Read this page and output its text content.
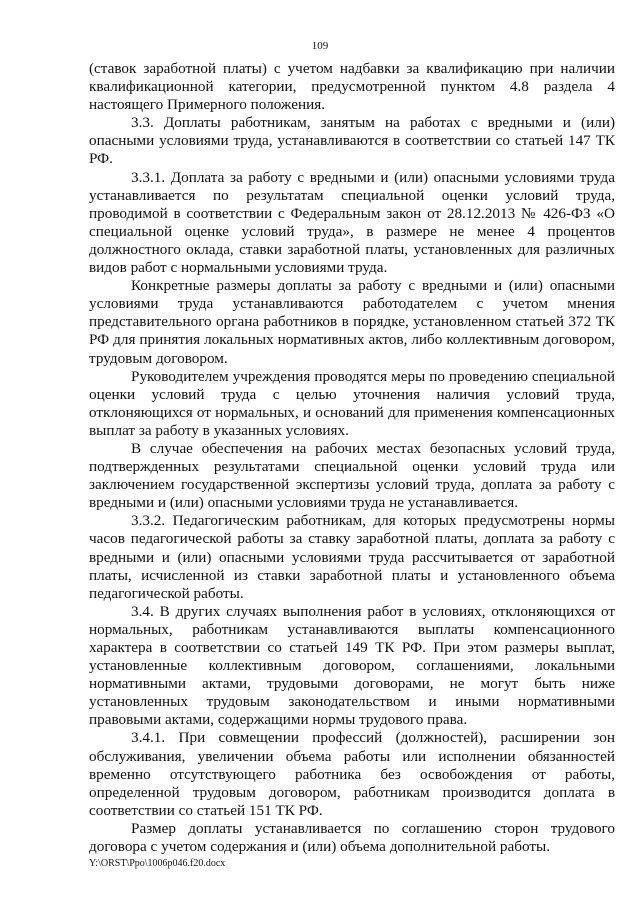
109

(ставок заработной платы) с учетом надбавки за квалификацию при наличии квалификационной категории, предусмотренной пунктом 4.8 раздела 4 настоящего Примерного положения.

3.3. Доплаты работникам, занятым на работах с вредными и (или) опасными условиями труда, устанавливаются в соответствии со статьей 147 ТК РФ.

3.3.1. Доплата за работу с вредными и (или) опасными условиями труда устанавливается по результатам специальной оценки условий труда, проводимой в соответствии с Федеральным закон от 28.12.2013 № 426-ФЗ «О специальной оценке условий труда», в размере не менее 4 процентов должностного оклада, ставки заработной платы, установленных для различных видов работ с нормальными условиями труда.

Конкретные размеры доплаты за работу с вредными и (или) опасными условиями труда устанавливаются работодателем с учетом мнения представительного органа работников в порядке, установленном статьей 372 ТК РФ для принятия локальных нормативных актов, либо коллективным договором, трудовым договором.

Руководителем учреждения проводятся меры по проведению специальной оценки условий труда с целью уточнения наличия условий труда, отклоняющихся от нормальных, и оснований для применения компенсационных выплат за работу в указанных условиях.

В случае обеспечения на рабочих местах безопасных условий труда, подтвержденных результатами специальной оценки условий труда или заключением государственной экспертизы условий труда, доплата за работу с вредными и (или) опасными условиями труда не устанавливается.

3.3.2. Педагогическим работникам, для которых предусмотрены нормы часов педагогической работы за ставку заработной платы, доплата за работу с вредными и (или) опасными условиями труда рассчитывается от заработной платы, исчисленной из ставки заработной платы и установленного объема педагогической работы.

3.4. В других случаях выполнения работ в условиях, отклоняющихся от нормальных, работникам устанавливаются выплаты компенсационного характера в соответствии со статьей 149 ТК РФ. При этом размеры выплат, установленные коллективным договором, соглашениями, локальными нормативными актами, трудовыми договорами, не могут быть ниже установленных трудовым законодательством и иными нормативными правовыми актами, содержащими нормы трудового права.

3.4.1. При совмещении профессий (должностей), расширении зон обслуживания, увеличении объема работы или исполнении обязанностей временно отсутствующего работника без освобождения от работы, определенной трудовым договором, работникам производится доплата в соответствии со статьей 151 ТК РФ.

Размер доплаты устанавливается по соглашению сторон трудового договора с учетом содержания и (или) объема дополнительной работы.

Y:\ORST\Ppo\1006p046.f20.docx
